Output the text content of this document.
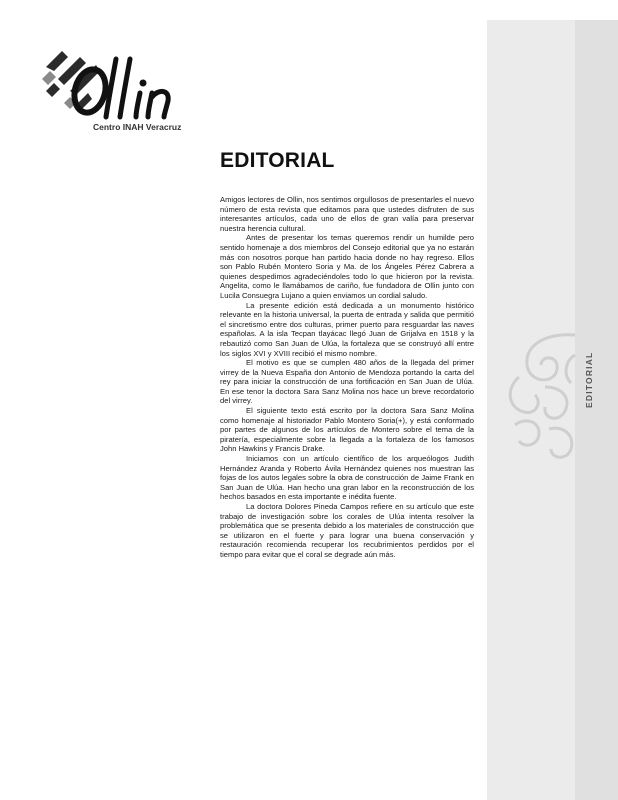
EDITORIAL
Centro INAH Veracruz
EDITORIAL

Amigos lectores de Ollin, nos sentimos orgullosos de presentarles el nuevo número de esta revista que editamos para que ustedes disfruten de sus interesantes artículos, cada uno de ellos de gran valía para preservar nuestra herencia cultural.

Antes de presentar los temas queremos rendir un humilde pero sentido homenaje a dos miembros del Consejo editorial que ya no estarán más con nosotros porque han partido hacia donde no hay regreso. Ellos son Pablo Rubén Montero Soria y Ma. de los Ángeles Pérez Cabrera a quienes despedimos agradeciéndoles todo lo que hicieron por la revista. Angelita, como le llamábamos de cariño, fue fundadora de Ollin junto con Lucila Consuegra Lujano a quien enviamos un cordial saludo.

La presente edición está dedicada a un monumento histórico relevante en la historia universal, la puerta de entrada y salida que permitió el sincretismo entre dos culturas, primer puerto para resguardar las naves españolas. A la isla Tecpan tlayácac llegó Juan de Grijalva en 1518 y la rebautizó como San Juan de Ulúa, la fortaleza que se construyó allí entre los siglos XVI y XVIII recibió el mismo nombre.

El motivo es que se cumplen 480 años de la llegada del primer virrey de la Nueva España don Antonio de Mendoza portando la carta del rey para iniciar la construcción de una fortificación en San Juan de Ulúa. En ese tenor la doctora Sara Sanz Molina nos hace un breve recordatorio del virrey.

El siguiente texto está escrito por la doctora Sara Sanz Molina como homenaje al historiador Pablo Montero Soria(+), y está conformado por partes de algunos de los artículos de Montero sobre el tema de la piratería, especialmente sobre la llegada a la fortaleza de los famosos John Hawkins y Francis Drake.

Iniciamos con un artículo científico de los arqueólogos Judith Hernández Aranda y Roberto Ávila Hernández quienes nos muestran las fojas de los autos legales sobre la obra de construcción de Jaime Frank en San Juan de Ulúa. Han hecho una gran labor en la reconstrucción de los hechos basados en esta importante e inédita fuente.

La doctora Dolores Pineda Campos refiere en su artículo que este trabajo de investigación sobre los corales de Ulúa intenta resolver la problemática que se presenta debido a los materiales de construcción que se utilizaron en el fuerte y para lograr una buena conservación y restauración recomienda recuperar los recubrimientos perdidos por el tiempo para evitar que el coral se degrade aún más.
